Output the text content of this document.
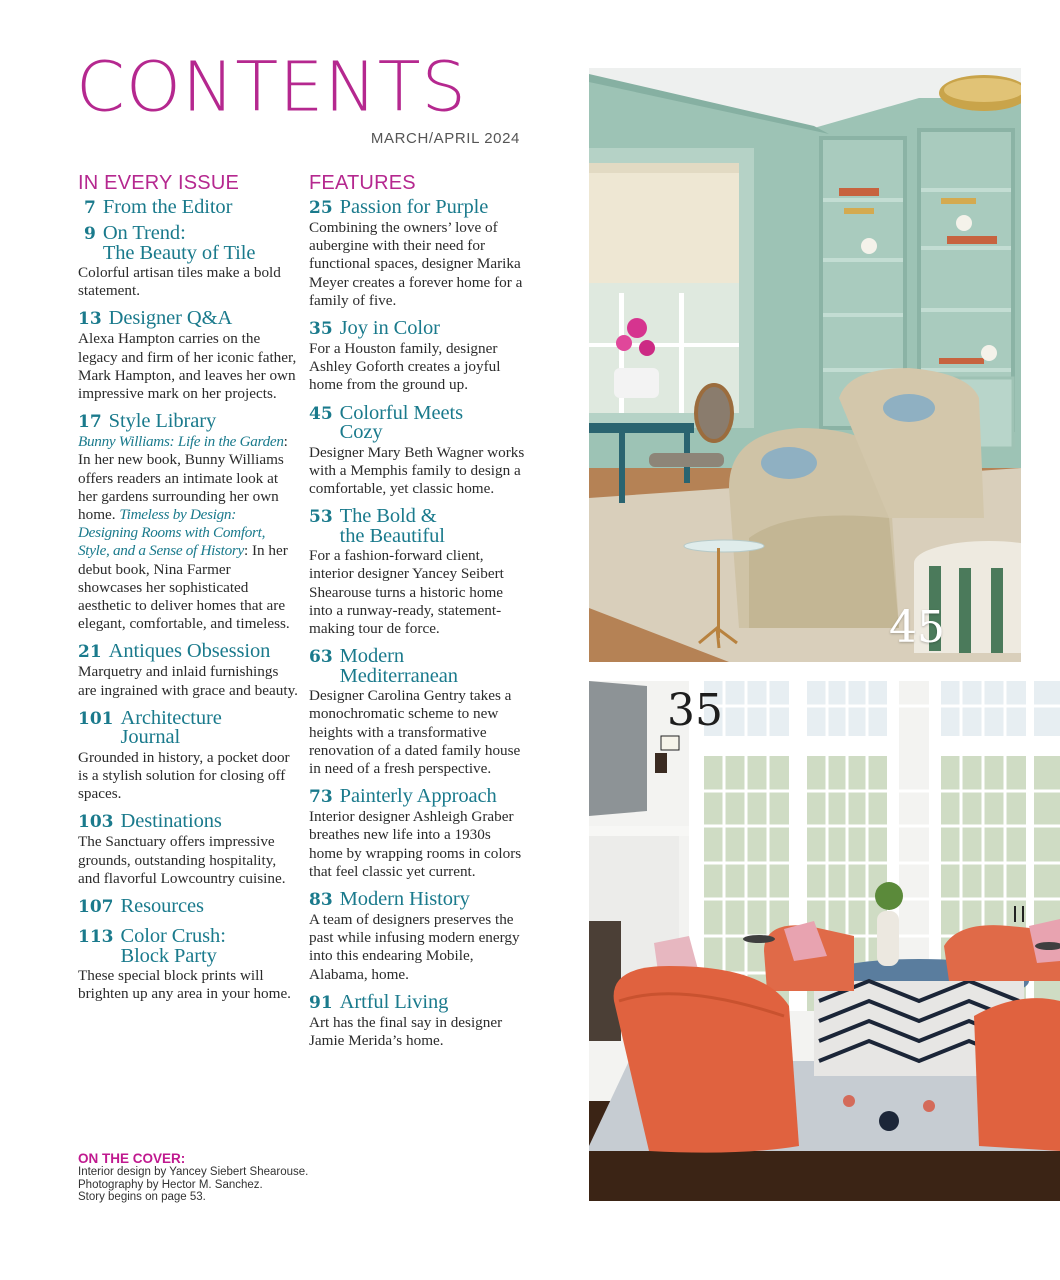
CONTENTS
MARCH/APRIL 2024
IN EVERY ISSUE
7 From the Editor
9 On Trend:
The Beauty of Tile
Colorful artisan tiles make a bold statement.
13 Designer Q&A
Alexa Hampton carries on the legacy and firm of her iconic father, Mark Hampton, and leaves her own impressive mark on her projects.
17 Style Library
Bunny Williams: Life in the Garden: In her new book, Bunny Williams offers readers an intimate look at her gardens surrounding her own home. Timeless by Design: Designing Rooms with Comfort, Style, and a Sense of History: In her debut book, Nina Farmer showcases her sophisticated aesthetic to deliver homes that are elegant, comfortable, and timeless.
21 Antiques Obsession
Marquetry and inlaid furnishings are ingrained with grace and beauty.
101 Architecture
Journal
Grounded in history, a pocket door is a stylish solution for closing off spaces.
103 Destinations
The Sanctuary offers impressive grounds, outstanding hospitality, and flavorful Lowcountry cuisine.
107 Resources
113 Color Crush:
Block Party
These special block prints will brighten up any area in your home.
FEATURES
25 Passion for Purple
Combining the owners’ love of aubergine with their need for functional spaces, designer Marika Meyer creates a forever home for a family of five.
35 Joy in Color
For a Houston family, designer Ashley Goforth creates a joyful home from the ground up.
45 Colorful Meets
Cozy
Designer Mary Beth Wagner works with a Memphis family to design a comfortable, yet classic home.
53 The Bold &
the Beautiful
For a fashion-forward client, interior designer Yancey Seibert Shearouse turns a historic home into a runway-ready, statement-making tour de force.
63 Modern
Mediterranean
Designer Carolina Gentry takes a monochromatic scheme to new heights with a transformative renovation of a dated family house in need of a fresh perspective.
73 Painterly Approach
Interior designer Ashleigh Graber breathes new life into a 1930s home by wrapping rooms in colors that feel classic yet current.
83 Modern History
A team of designers preserves the past while infusing modern energy into this endearing Mobile, Alabama, home.
91 Artful Living
Art has the final say in designer Jamie Merida’s home.
ON THE COVER:
Interior design by Yancey Siebert Shearouse.
Photography by Hector M. Sanchez.
Story begins on page 53.
45
35
